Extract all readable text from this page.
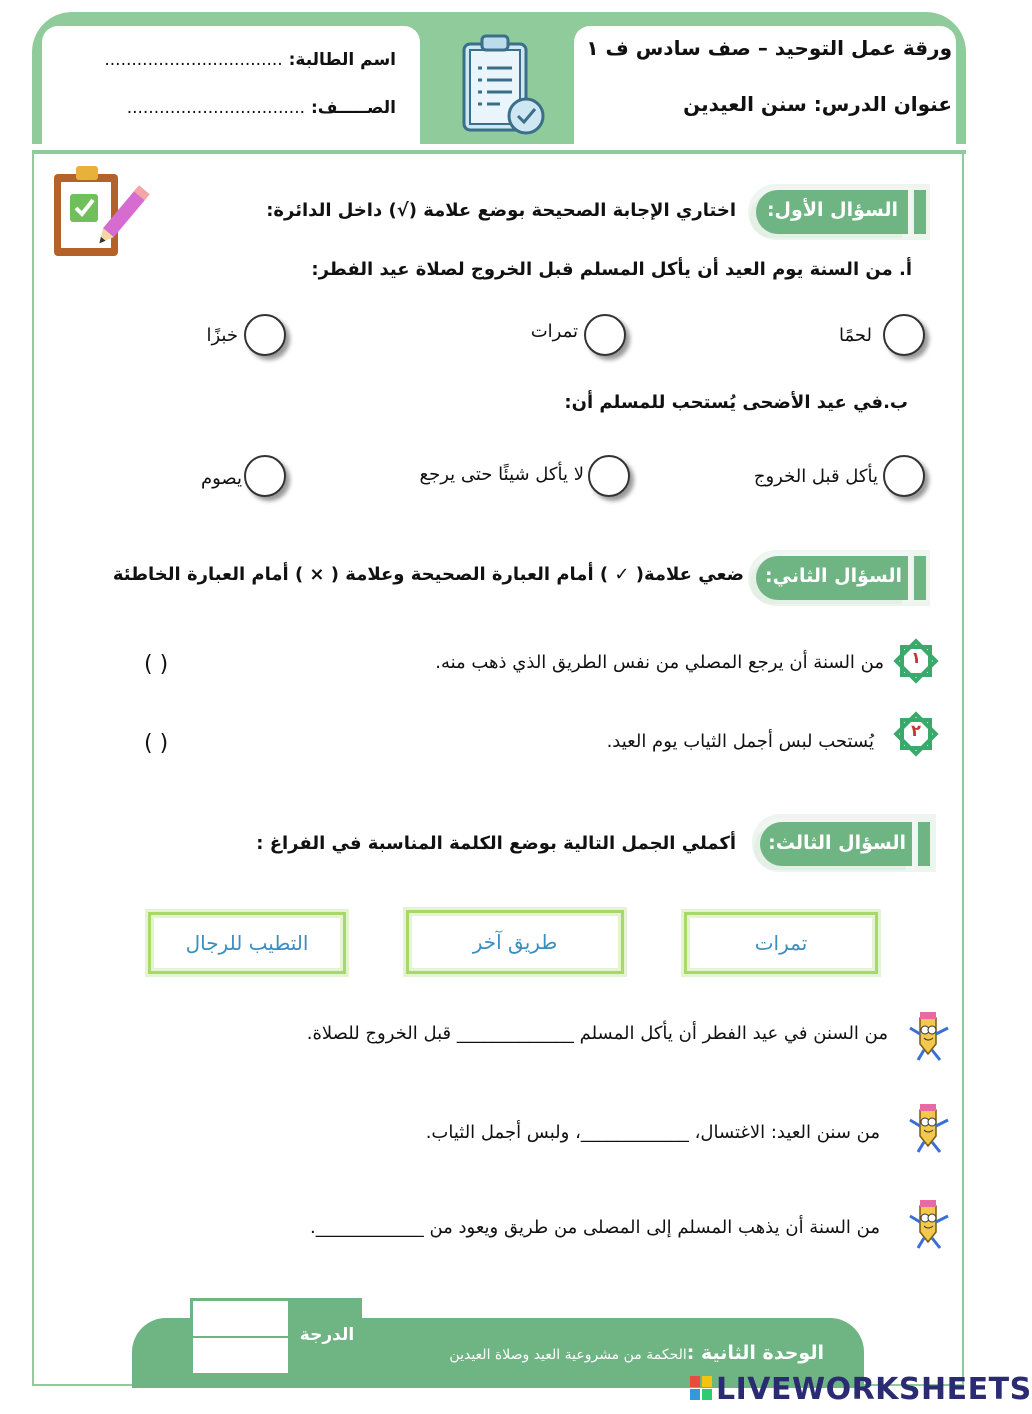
ورقة عمل التوحيد – صف سادس ف ١
عنوان الدرس: سنن العيدين
اسم الطالبة: .................................
الصـــــف: .................................
السؤال الأول:
اختاري الإجابة الصحيحة بوضع علامة (√) داخل الدائرة:
أ. من السنة يوم العيد أن يأكل المسلم قبل الخروج لصلاة عيد الفطر:
لحمًا
تمرات
خبزًا
ب.في عيد الأضحى يُستحب للمسلم أن:
يأكل قبل الخروج
لا يأكل شيئًا حتى يرجع
يصوم
السؤال الثاني:
ضعي علامة( ✓ ) أمام العبارة الصحيحة وعلامة ( × ) أمام العبارة الخاطئة
١
من السنة أن يرجع المصلي من نفس الطريق الذي ذهب منه.
( )
٢
يُستحب لبس أجمل الثياب يوم العيد.
( )
السؤال الثالث:
أكملي الجمل التالية بوضع الكلمة المناسبة في الفراغ :
تمرات
طريق آخر
التطيب للرجال
من السنن في عيد الفطر أن يأكل المسلم _____________ قبل الخروج للصلاة.
من سنن العيد: الاغتسال، ____________، ولبس أجمل الثياب.
من السنة أن يذهب المسلم إلى المصلى من طريق ويعود من ____________.
الوحدة الثانية :الحكمة من مشروعية العيد وصلاة العيدين
الدرجة
LIVEWORKSHEETS
